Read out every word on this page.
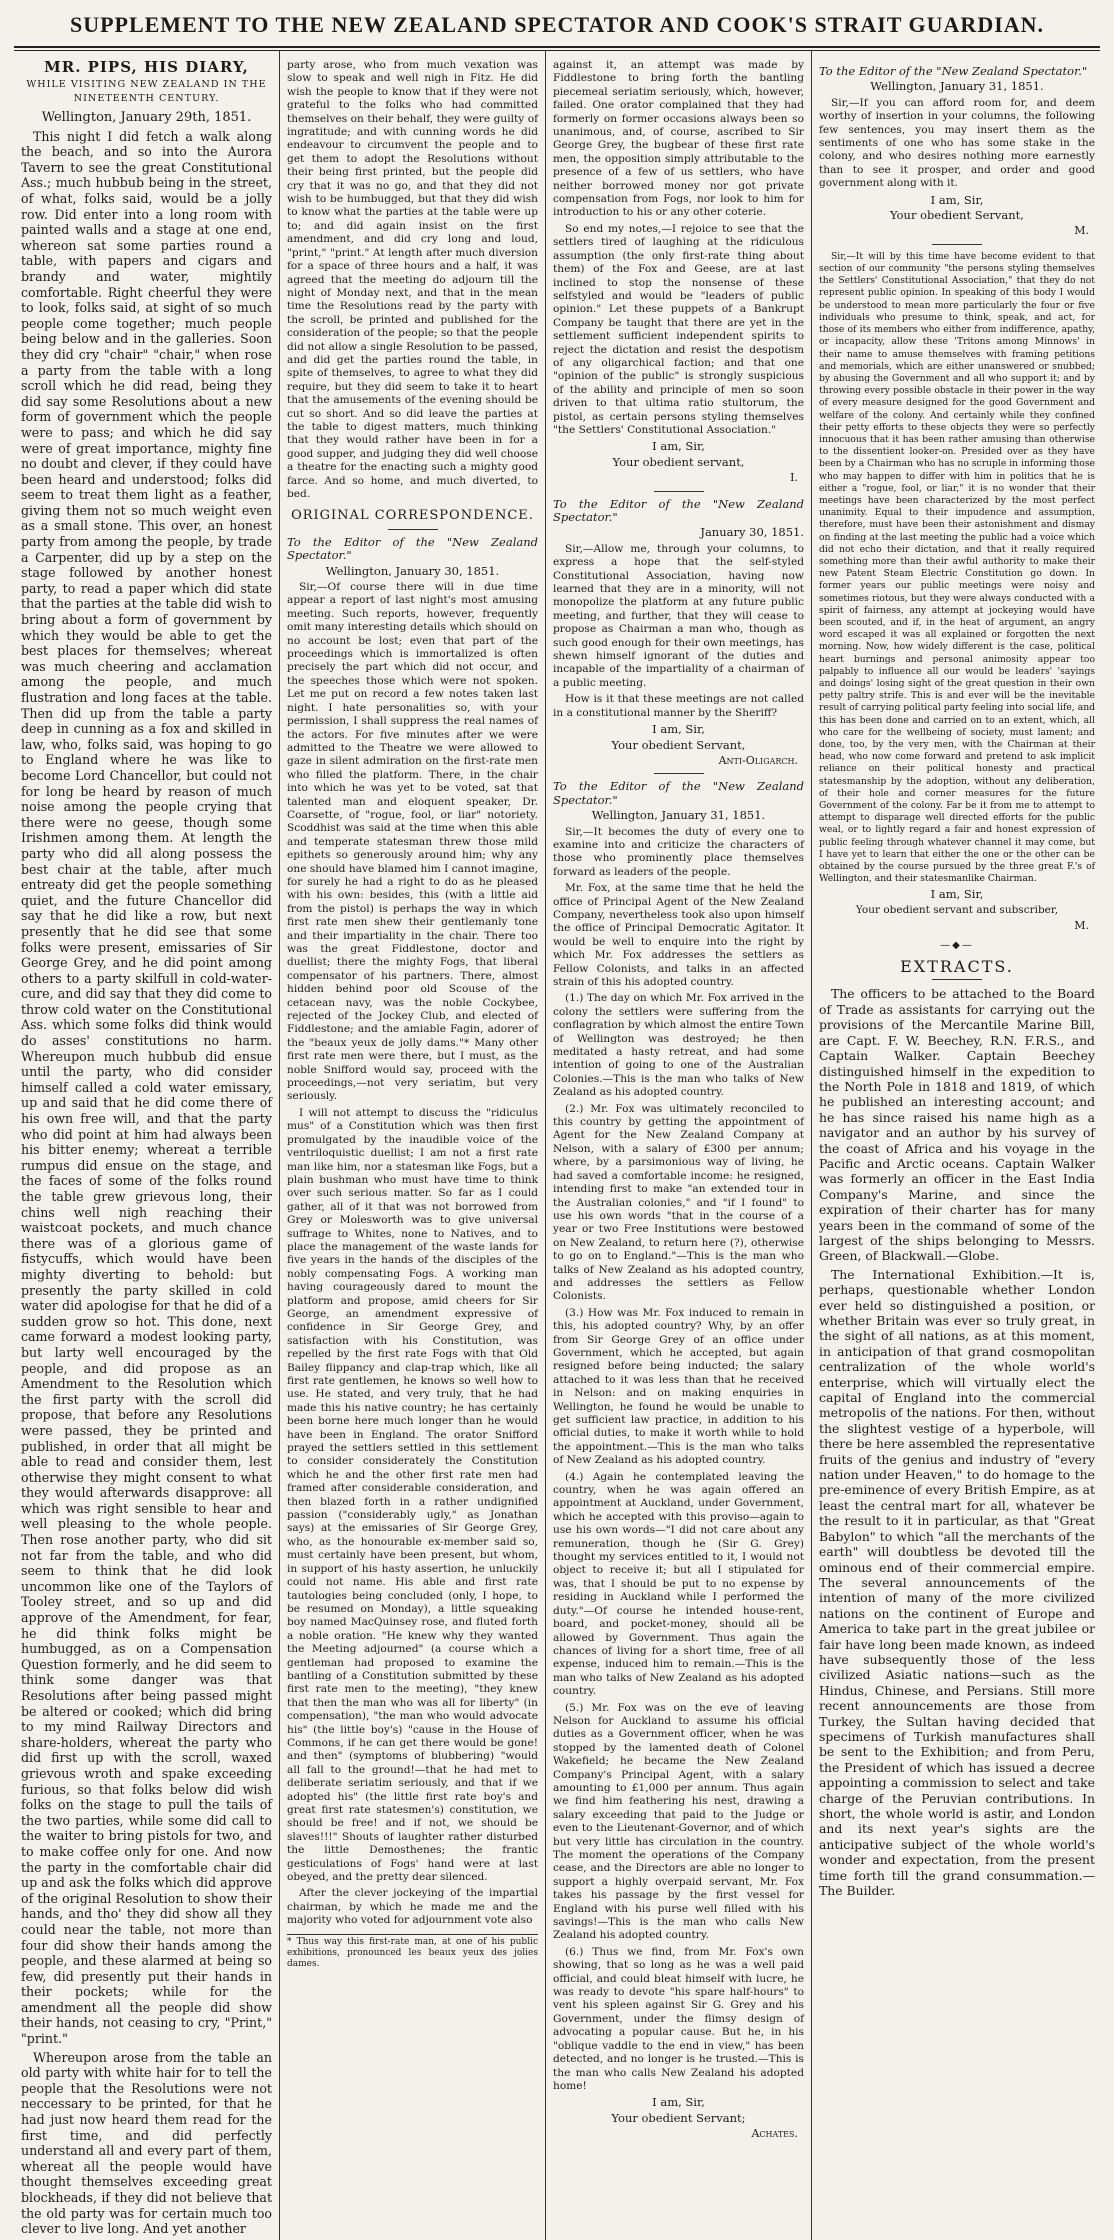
SUPPLEMENT TO THE NEW ZEALAND SPECTATOR AND COOK'S STRAIT GUARDIAN.
MR. PIPS, HIS DIARY,
WHILE VISITING NEW ZEALAND IN THE NINETEENTH CENTURY.
Wellington, January 29th, 1851.

This night I did fetch a walk along the beach, and so into the Aurora Tavern to see the great Constitutional Ass.; much hubbub being in the street, of what, folks said, would be a jolly row. Did enter into a long room with painted walls and a stage at one end, whereon sat some parties round a table, with papers and cigars and brandy and water, mightily comfortable. Right cheerful they were to look, folks said, at sight of so much people come together; much people being below and in the galleries. Soon they did cry "chair" "chair," when rose a party from the table with a long scroll which he did read, being they did say some Resolutions about a new form of government which the people were to pass; and which he did say were of great importance, mighty fine no doubt and clever, if they could have been heard and understood; folks did seem to treat them light as a feather, giving them not so much weight even as a small stone. This over, an honest party from among the people, by trade a Carpenter, did up by a step on the stage followed by another honest party, to read a paper which did state that the parties at the table did wish to bring about a form of government by which they would be able to get the best places for themselves; whereat was much cheering and acclamation among the people, and much flustration and long faces at the table. Then did up from the table a party deep in cunning as a fox and skilled in law, who, folks said, was hoping to go to England where he was like to become Lord Chancellor, but could not for long be heard by reason of much noise among the people crying that there were no geese, though some Irishmen among them. At length the party who did all along possess the best chair at the table, after much entreaty did get the people something quiet, and the future Chancellor did say that he did like a row, but next presently that he did see that some folks were present, emissaries of Sir George Grey, and he did point among others to a party skilfull in cold-water-cure, and did say that they did come to throw cold water on the Constitutional Ass. which some folks did think would do asses' constitutions no harm. Whereupon much hubbub did ensue until the party, who did consider himself called a cold water emissary, up and said that he did come there of his own free will, and that the party who did point at him had always been his bitter enemy; whereat a terrible rumpus did ensue on the stage, and the faces of some of the folks round the table grew grievous long, their chins well nigh reaching their waistcoat pockets, and much chance there was of a glorious game of fistycuffs, which would have been mighty diverting to behold: but presently the party skilled in cold water did apologise for that he did of a sudden grow so hot. This done, next came forward a modest looking party, but larty well encouraged by the people, and did propose as an Amendment to the Resolution which the first party with the scroll did propose, that before any Resolutions were passed, they be printed and published, in order that all might be able to read and consider them, lest otherwise they might consent to what they would afterwards disapprove: all which was right sensible to hear and well pleasing to the whole people. Then rose another party, who did sit not far from the table, and who did seem to think that he did look uncommon like one of the Taylors of Tooley street, and so up and did approve of the Amendment, for fear, he did think folks might be humbugged, as on a Compensation Question formerly, and he did seem to think some danger was that Resolutions after being passed might be altered or cooked; which did bring to my mind Railway Directors and share-holders, whereat the party who did first up with the scroll, waxed grievous wroth and spake exceeding furious, so that folks below did wish folks on the stage to pull the tails of the two parties, while some did call to the waiter to bring pistols for two, and to make coffee only for one. And now the party in the comfortable chair did up and ask the folks which did approve of the original Resolution to show their hands, and tho' they did show all they could near the table, not more than four did show their hands among the people, and these alarmed at being so few, did presently put their hands in their pockets; while for the amendment all the people did show their hands, not ceasing to cry, "Print," "print."

Whereupon arose from the table an old party with white hair for to tell the people that the Resolutions were not neccessary to be printed, for that he had just now heard them read for the first time, and did perfectly understand all and every part of them, whereat all the people would have thought themselves exceeding great blockheads, if they did not believe that the old party was for certain much too clever to live long. And yet another

party arose, who from much vexation was slow to speak and well nigh in Fitz. He did wish the people to know that if they were not grateful to the folks who had committed themselves on their behalf, they were guilty of ingratitude; and with cunning words he did endeavour to circumvent the people and to get them to adopt the Resolutions without their being first printed, but the people did cry that it was no go, and that they did not wish to be humbugged, but that they did wish to know what the parties at the table were up to; and did again insist on the first amendment, and did cry long and loud, "print," "print." At length after much diversion for a space of three hours and a half, it was agreed that the meeting do adjourn till the night of Monday next, and that in the mean time the Resolutions read by the party with the scroll, be printed and published for the consideration of the people; so that the people did not allow a single Resolution to be passed, and did get the parties round the table, in spite of themselves, to agree to what they did require, but they did seem to take it to heart that the amusements of the evening should be cut so short. And so did leave the parties at the table to digest matters, much thinking that they would rather have been in for a good supper, and judging they did well choose a theatre for the enacting such a mighty good farce. And so home, and much diverted, to bed.

ORIGINAL CORRESPONDENCE.
To the Editor of the "New Zealand Spectator."
Wellington, January 30, 1851.

Sir,—Of course there will in due time appear a report of last night's most amusing meeting. Such reports, however, frequently omit many interesting details which should on no account be lost; even that part of the proceedings which is immortalized is often precisely the part which did not occur, and the speeches those which were not spoken. Let me put on record a few notes taken last night. I hate personalities so, with your permission, I shall suppress the real names of the actors. For five minutes after we were admitted to the Theatre we were allowed to gaze in silent admiration on the first-rate men who filled the platform. There, in the chair into which he was yet to be voted, sat that talented man and eloquent speaker, Dr. Coarsette, of "rogue, fool, or liar" notoriety. Scoddhist was said at the time when this able and temperate statesman threw those mild epithets so generously around him; why any one should have blamed him I cannot imagine, for surely he had a right to do as he pleased with his own: besides, this (with a little aid from the pistol) is perhaps the way in which first rate men shew their gentlemanly tone and their impartiality in the chair. There too was the great Fiddlestone, doctor and duellist; there the mighty Fogs, that liberal compensator of his partners. There, almost hidden behind poor old Scouse of the cetacean navy, was the noble Cockybee, rejected of the Jockey Club, and elected of Fiddlestone; and the amiable Fagin, adorer of the "beaux yeux de jolly dams."* Many other first rate men were there, but I must, as the noble Snifford would say, proceed with the proceedings,—not very seriatim, but very seriously.

I will not attempt to discuss the "ridiculus mus" of a Constitution which was then first promulgated by the inaudible voice of the ventriloquistic duellist; I am not a first rate man like him, nor a statesman like Fogs, but a plain bushman who must have time to think over such serious matter. So far as I could gather, all of it that was not borrowed from Grey or Molesworth was to give universal suffrage to Whites, none to Natives, and to place the management of the waste lands for five years in the hands of the disciples of the nobly compensating Fogs. A working man having courageously dared to mount the platform and propose, amid cheers for Sir George, an amendment expressive of confidence in Sir George Grey, and satisfaction with his Constitution, was repelled by the first rate Fogs with that Old Bailey flippancy and clap-trap which, like all first rate gentlemen, he knows so well how to use. He stated, and very truly, that he had made this his native country; he has certainly been borne here much longer than he would have been in England. The orator Snifford prayed the settlers settled in this settlement to consider considerately the Constitution which he and the other first rate men had framed after considerable consideration, and then blazed forth in a rather undignified passion ("considerably ugly," as Jonathan says) at the emissaries of Sir George Grey, who, as the honourable ex-member said so, must certainly have been present, but whom, in support of his hasty assertion, he unluckily could not name. His able and first rate tautologies being concluded (only, I hope, to be resumed on Monday), a little squeaking boy named MacQuinsey rose, and fluted forth a noble oration. "He knew why they wanted the Meeting adjourned" (a course which a gentleman had proposed to examine the bantling of a Constitution submitted by these first rate men to the meeting), "they knew that then the man who was all for liberty" (in compensation), "the man who would advocate his" (the little boy's) "cause in the House of Commons, if he can get there would be gone! and then" (symptoms of blubbering) "would all fall to the ground!—that he had met to deliberate seriatim seriously, and that if we adopted his" (the little first rate boy's and great first rate statesmen's) constitution, we should be free! and if not, we should be slaves!!!" Shouts of laughter rather disturbed the little Demosthenes; the frantic gesticulations of Fogs' hand were at last obeyed, and the pretty dear silenced.

After the clever jockeying of the impartial chairman, by which he made me and the majority who voted for adjournment vote also

* Thus way this first-rate man, at one of his public exhibitions, pronounced les beaux yeux des jolies dames.

against it, an attempt was made by Fiddlestone to bring forth the bantling piecemeal seriatim seriously, which, however, failed. One orator complained that they had formerly on former occasions always been so unanimous, and, of course, ascribed to Sir George Grey, the bugbear of these first rate men, the opposition simply attributable to the presence of a few of us settlers, who have neither borrowed money nor got private compensation from Fogs, nor look to him for introduction to his or any other coterie.

So end my notes,—I rejoice to see that the settlers tired of laughing at the ridiculous assumption (the only first-rate thing about them) of the Fox and Geese, are at last inclined to stop the nonsense of these selfstyled and would be "leaders of public opinion." Let these puppets of a Bankrupt Company be taught that there are yet in the settlement sufficient independent spirits to reject the dictation and resist the despotism of any oligarchical faction; and that one "opinion of the public" is strongly suspicious of the ability and principle of men so soon driven to that ultima ratio stultorum, the pistol, as certain persons styling themselves "the Settlers' Constitutional Association."

I am, Sir,
Your obedient servant,
I.
To the Editor of the "New Zealand Spectator."
January 30, 1851.

Sir,—Allow me, through your columns, to express a hope that the self-styled Constitutional Association, having now learned that they are in a minority, will not monopolize the platform at any future public meeting, and further, that they will cease to propose as Chairman a man who, though as such good enough for their own meetings, has shewn himself ignorant of the duties and incapable of the impartiality of a chairman of a public meeting.

How is it that these meetings are not called in a constitutional manner by the Sheriff?

I am, Sir,
Your obedient Servant,
Anti-Oligarch.
To the Editor of the "New Zealand Spectator."
Wellington, January 31, 1851.

Sir,—It becomes the duty of every one to examine into and criticize the characters of those who prominently place themselves forward as leaders of the people.

Mr. Fox, at the same time that he held the office of Principal Agent of the New Zealand Company, nevertheless took also upon himself the office of Principal Democratic Agitator. It would be well to enquire into the right by which Mr. Fox addresses the settlers as Fellow Colonists, and talks in an affected strain of this his adopted country.

(1.) The day on which Mr. Fox arrived in the colony the settlers were suffering from the conflagration by which almost the entire Town of Wellington was destroyed; he then meditated a hasty retreat, and had some intention of going to one of the Australian Colonies.—This is the man who talks of New Zealand as his adopted country.

(2.) Mr. Fox was ultimately reconciled to this country by getting the appointment of Agent for the New Zealand Company at Nelson, with a salary of £300 per annum; where, by a parsimonious way of living, he had saved a comfortable income: he resigned, intending first to make "an extended tour in the Australian colonies," and "if I found" to use his own words "that in the course of a year or two Free Institutions were bestowed on New Zealand, to return here (?), otherwise to go on to England."—This is the man who talks of New Zealand as his adopted country, and addresses the settlers as Fellow Colonists.

(3.) How was Mr. Fox induced to remain in this, his adopted country? Why, by an offer from Sir George Grey of an office under Government, which he accepted, but again resigned before being inducted; the salary attached to it was less than that he received in Nelson: and on making enquiries in Wellington, he found he would be unable to get sufficient law practice, in addition to his official duties, to make it worth while to hold the appointment.—This is the man who talks of New Zealand as his adopted country.

(4.) Again he contemplated leaving the country, when he was again offered an appointment at Auckland, under Government, which he accepted with this proviso—again to use his own words—"I did not care about any remuneration, though he (Sir G. Grey) thought my services entitled to it, I would not object to receive it; but all I stipulated for was, that I should be put to no expense by residing in Auckland while I performed the duty."—Of course he intended house-rent, board, and pocket-money, should all be allowed by Government. Thus again the chances of living for a short time, free of all expense, induced him to remain.—This is the man who talks of New Zealand as his adopted country.

(5.) Mr. Fox was on the eve of leaving Nelson for Auckland to assume his official duties as a Government officer, when he was stopped by the lamented death of Colonel Wakefield; he became the New Zealand Company's Principal Agent, with a salary amounting to £1,000 per annum. Thus again we find him feathering his nest, drawing a salary exceeding that paid to the Judge or even to the Lieutenant-Governor, and of which but very little has circulation in the country. The moment the operations of the Company cease, and the Directors are able no longer to support a highly overpaid servant, Mr. Fox takes his passage by the first vessel for England with his purse well filled with his savings!—This is the man who calls New Zealand his adopted country.

(6.) Thus we find, from Mr. Fox's own showing, that so long as he was a well paid official, and could bleat himself with lucre, he was ready to devote "his spare half-hours" to vent his spleen against Sir G. Grey and his Government, under the flimsy design of advocating a popular cause. But he, in his "oblique vaddle to the end in view," has been detected, and no longer is he trusted.—This is the man who calls New Zealand his adopted home!

I am, Sir,
Your obedient Servant;
Achates.
To the Editor of the "New Zealand Spectator."
Wellington, January 31, 1851.

Sir,—If you can afford room for, and deem worthy of insertion in your columns, the following few sentences, you may insert them as the sentiments of one who has some stake in the colony, and who desires nothing more earnestly than to see it prosper, and order and good government along with it.

I am, Sir,
Your obedient Servant,
M.

Sir,—It will by this time have become evident to that section of our community "the persons styling themselves the Settlers' Constitutional Association," that they do not represent public opinion. In speaking of this body I would be understood to mean more particularly the four or five individuals who presume to think, speak, and act, for those of its members who either from indifference, apathy, or incapacity, allow these 'Tritons among Minnows' in their name to amuse themselves with framing petitions and memorials, which are either unanswered or snubbed; by abusing the Government and all who support it; and by throwing every possible obstacle in their power in the way of every measure designed for the good Government and welfare of the colony. And certainly while they confined their petty efforts to these objects they were so perfectly innocuous that it has been rather amusing than otherwise to the dissentient looker-on. Presided over as they have been by a Chairman who has no scruple in informing those who may happen to differ with him in politics that he is either a "rogue, fool, or liar," it is no wonder that their meetings have been characterized by the most perfect unanimity. Equal to their impudence and assumption, therefore, must have been their astonishment and dismay on finding at the last meeting the public had a voice which did not echo their dictation, and that it really required something more than their awful authority to make their new Patent Steam Electric Constitution go down. In former years our public meetings were noisy and sometimes riotous, but they were always conducted with a spirit of fairness, any attempt at jockeying would have been scouted, and if, in the heat of argument, an angry word escaped it was all explained or forgotten the next morning. Now, how widely different is the case, political heart burnings and personal animosity appear too palpably to influence all our would be leaders' 'sayings and doings' losing sight of the great question in their own petty paltry strife. This is and ever will be the inevitable result of carrying political party feeling into social life, and this has been done and carried on to an extent, which, all who care for the wellbeing of society, must lament; and done, too, by the very men, with the Chairman at their head, who now come forward and pretend to ask implicit reliance on their political honesty and practical statesmanship by the adoption, without any deliberation, of their hole and corner measures for the future Government of the colony. Far be it from me to attempt to attempt to disparage well directed efforts for the public weal, or to lightly regard a fair and honest expression of public feeling through whatever channel it may come, but I have yet to learn that either the one or the other can be obtained by the course pursued by the three great F.'s of Wellington, and their statesmanlike Chairman.

I am, Sir,
Your obedient servant and subscriber,
M.
—◆—
EXTRACTS.

The officers to be attached to the Board of Trade as assistants for carrying out the provisions of the Mercantile Marine Bill, are Capt. F. W. Beechey, R.N. F.R.S., and Captain Walker. Captain Beechey distinguished himself in the expedition to the North Pole in 1818 and 1819, of which he published an interesting account; and he has since raised his name high as a navigator and an author by his survey of the coast of Africa and his voyage in the Pacific and Arctic oceans. Captain Walker was formerly an officer in the East India Company's Marine, and since the expiration of their charter has for many years been in the command of some of the largest of the ships belonging to Messrs. Green, of Blackwall.—Globe.

The International Exhibition.—It is, perhaps, questionable whether London ever held so distinguished a position, or whether Britain was ever so truly great, in the sight of all nations, as at this moment, in anticipation of that grand cosmopolitan centralization of the whole world's enterprise, which will virtually elect the capital of England into the commercial metropolis of the nations. For then, without the slightest vestige of a hyperbole, will there be here assembled the representative fruits of the genius and industry of "every nation under Heaven," to do homage to the pre-eminence of every British Empire, as at least the central mart for all, whatever be the result to it in particular, as that "Great Babylon" to which "all the merchants of the earth" will doubtless be devoted till the ominous end of their commercial empire. The several announcements of the intention of many of the more civilized nations on the continent of Europe and America to take part in the great jubilee or fair have long been made known, as indeed have subsequently those of the less civilized Asiatic nations—such as the Hindus, Chinese, and Persians. Still more recent announcements are those from Turkey, the Sultan having decided that specimens of Turkish manufactures shall be sent to the Exhibition; and from Peru, the President of which has issued a decree appointing a commission to select and take charge of the Peruvian contributions. In short, the whole world is astir, and London and its next year's sights are the anticipative subject of the whole world's wonder and expectation, from the present time forth till the grand consummation.—The Builder.
